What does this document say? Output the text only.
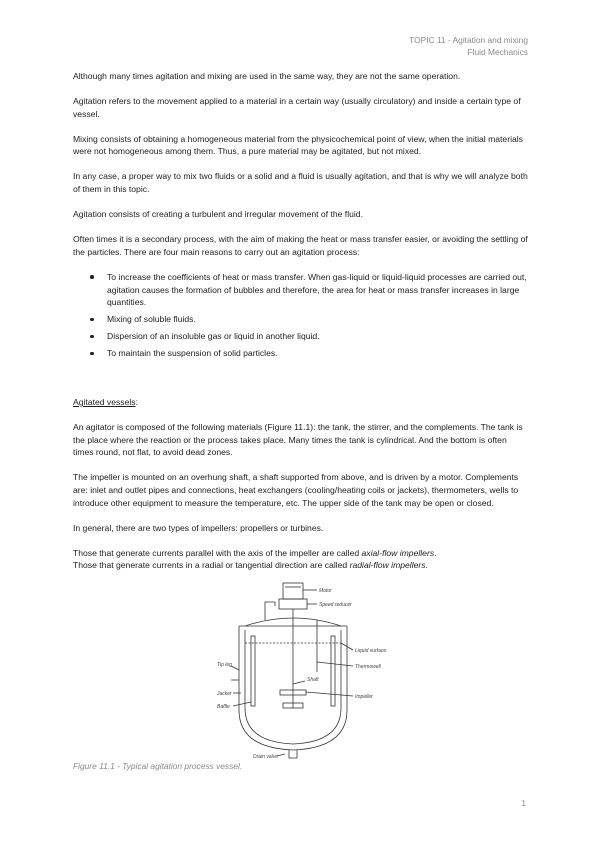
TOPIC 11 - Agitation and mixing
Fluid Mechanics

Although many times agitation and mixing are used in the same way, they are not the same operation.

Agitation refers to the movement applied to a material in a certain way (usually circulatory) and inside a certain type of vessel.

Mixing consists of obtaining a homogeneous material from the physicochemical point of view, when the initial materials were not homogeneous among them. Thus, a pure material may be agitated, but not mixed.

In any case, a proper way to mix two fluids or a solid and a fluid is usually agitation, and that is why we will analyze both of them in this topic.

Agitation consists of creating a turbulent and irregular movement of the fluid.

Often times it is a secondary process, with the aim of making the heat or mass transfer easier, or avoiding the settling of the particles. There are four main reasons to carry out an agitation process:

To increase the coefficients of heat or mass transfer. When gas-liquid or liquid-liquid processes are carried out, agitation causes the formation of bubbles and therefore, the area for heat or mass transfer increases in large quantities.
Mixing of soluble fluids.
Dispersion of an insoluble gas or liquid in another liquid.
To maintain the suspension of solid particles.

Agitated vessels:

An agitator is composed of the following materials (Figure 11.1): the tank, the stirrer, and the complements. The tank is the place where the reaction or the process takes place. Many times the tank is cylindrical. And the bottom is often times round, not flat, to avoid dead zones.

The impeller is mounted on an overhung shaft, a shaft supported from above, and is driven by a motor. Complements are: inlet and outlet pipes and connections, heat exchangers (cooling/heating coils or jackets), thermometers, wells to introduce other equipment to measure the temperature, etc. The upper side of the tank may be open or closed.

In general, there are two types of impellers: propellers or turbines.

Those that generate currents parallel with the axis of the impeller are called axial-flow impellers.
Those that generate currents in a radial or tangential direction are called radial-flow impellers.

Motor
Speed reducer
Liquid surface
Thermowell
Shaft
Impeller
Tip leg
Jacket
Baffle
Drain valve
Figure 11.1 - Typical agitation process vessel.
1
